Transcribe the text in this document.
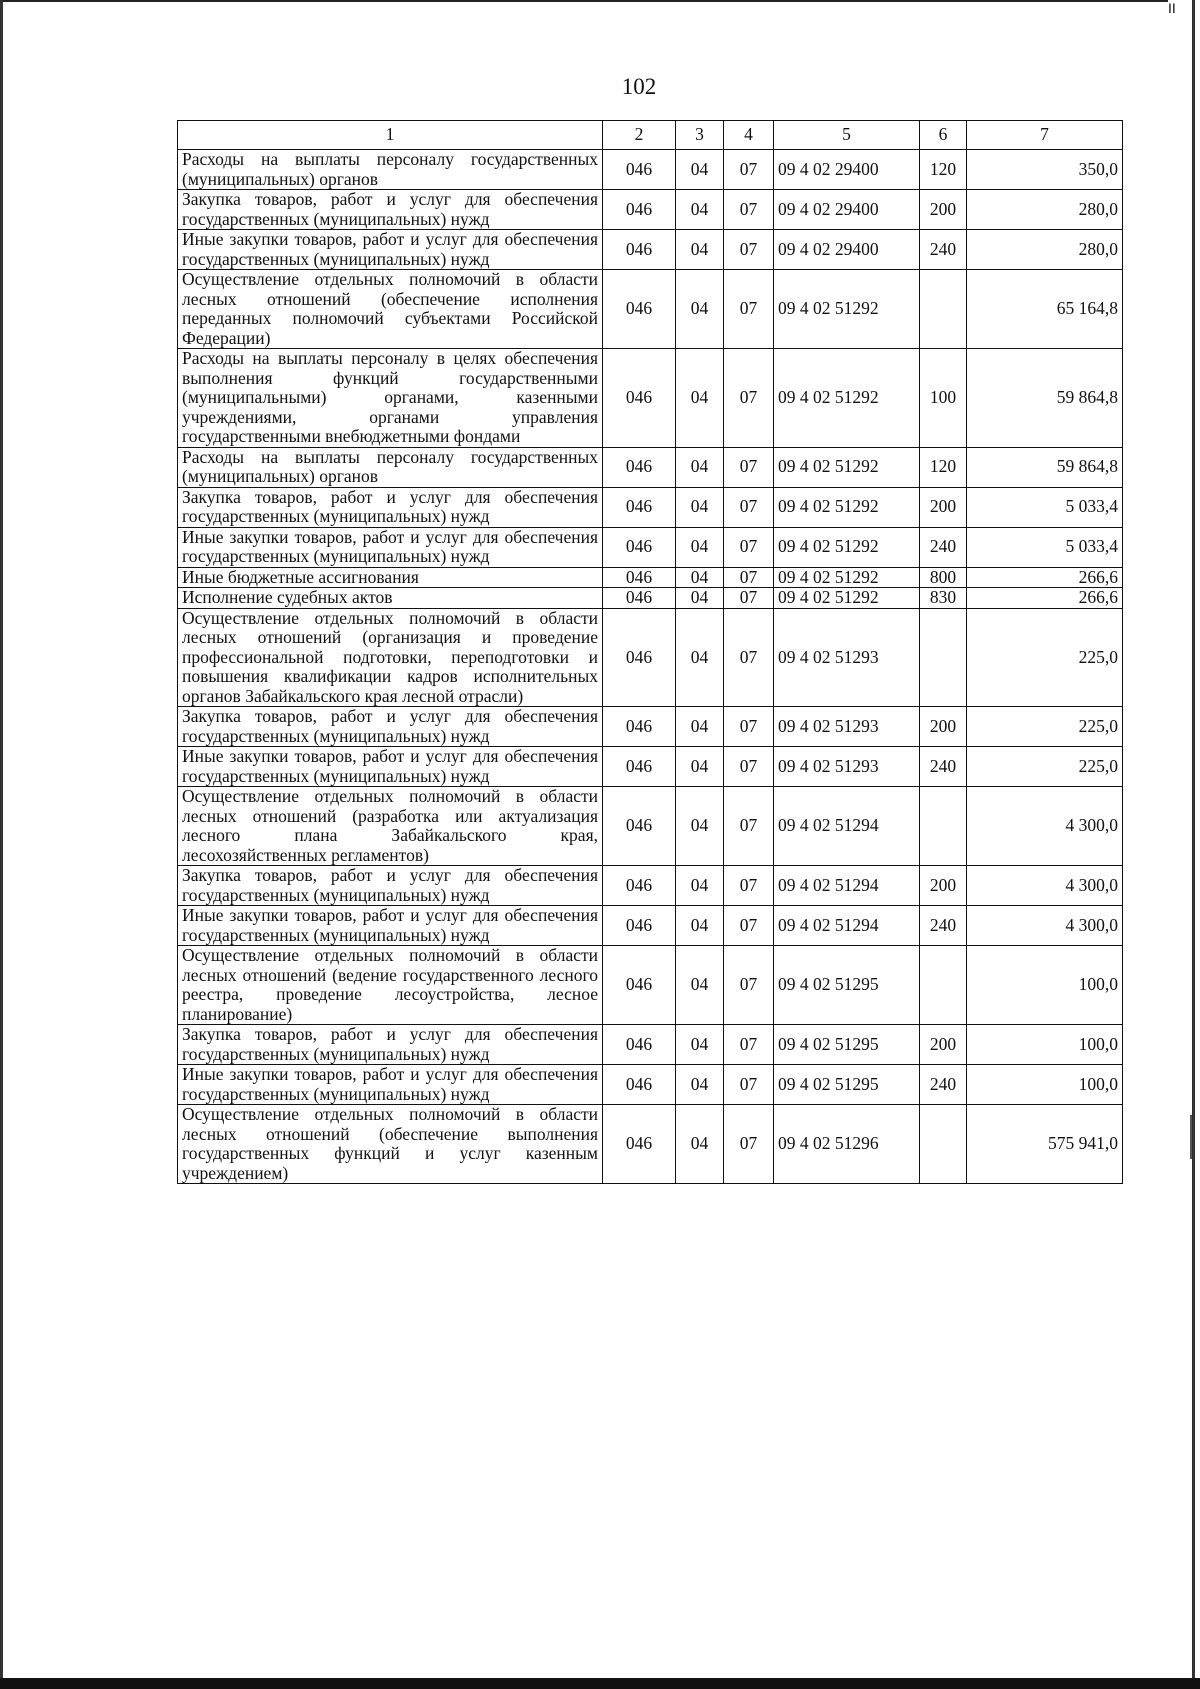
II
102
1	2	3	4	5	6	7
Расходы на выплаты персоналу государственных (муниципальных) органов	046	04	07	09 4 02 29400	120	350,0
Закупка товаров, работ и услуг для обеспечения государственных (муниципальных) нужд	046	04	07	09 4 02 29400	200	280,0
Иные закупки товаров, работ и услуг для обеспечения государственных (муниципальных) нужд	046	04	07	09 4 02 29400	240	280,0
Осуществление отдельных полномочий в области лесных отношений (обеспечение исполнения переданных полномочий субъектами Российской Федерации)	046	04	07	09 4 02 51292		65 164,8
Расходы на выплаты персоналу в целях обеспечения выполнения функций государственными (муниципальными) органами, казенными учреждениями, органами управления государственными внебюджетными фондами	046	04	07	09 4 02 51292	100	59 864,8
Расходы на выплаты персоналу государственных (муниципальных) органов	046	04	07	09 4 02 51292	120	59 864,8
Закупка товаров, работ и услуг для обеспечения государственных (муниципальных) нужд	046	04	07	09 4 02 51292	200	5 033,4
Иные закупки товаров, работ и услуг для обеспечения государственных (муниципальных) нужд	046	04	07	09 4 02 51292	240	5 033,4
Иные бюджетные ассигнования	046	04	07	09 4 02 51292	800	266,6
Исполнение судебных актов	046	04	07	09 4 02 51292	830	266,6
Осуществление отдельных полномочий в области лесных отношений (организация и проведение профессиональной подготовки, переподготовки и повышения квалификации кадров исполнительных органов Забайкальского края лесной отрасли)	046	04	07	09 4 02 51293		225,0
Закупка товаров, работ и услуг для обеспечения государственных (муниципальных) нужд	046	04	07	09 4 02 51293	200	225,0
Иные закупки товаров, работ и услуг для обеспечения государственных (муниципальных) нужд	046	04	07	09 4 02 51293	240	225,0
Осуществление отдельных полномочий в области лесных отношений (разработка или актуализация лесного плана Забайкальского края, лесохозяйственных регламентов)	046	04	07	09 4 02 51294		4 300,0
Закупка товаров, работ и услуг для обеспечения государственных (муниципальных) нужд	046	04	07	09 4 02 51294	200	4 300,0
Иные закупки товаров, работ и услуг для обеспечения государственных (муниципальных) нужд	046	04	07	09 4 02 51294	240	4 300,0
Осуществление отдельных полномочий в области лесных отношений (ведение государственного лесного реестра, проведение лесоустройства, лесное планирование)	046	04	07	09 4 02 51295		100,0
Закупка товаров, работ и услуг для обеспечения государственных (муниципальных) нужд	046	04	07	09 4 02 51295	200	100,0
Иные закупки товаров, работ и услуг для обеспечения государственных (муниципальных) нужд	046	04	07	09 4 02 51295	240	100,0
Осуществление отдельных полномочий в области лесных отношений (обеспечение выполнения государственных функций и услуг казенным учреждением)	046	04	07	09 4 02 51296		575 941,0
